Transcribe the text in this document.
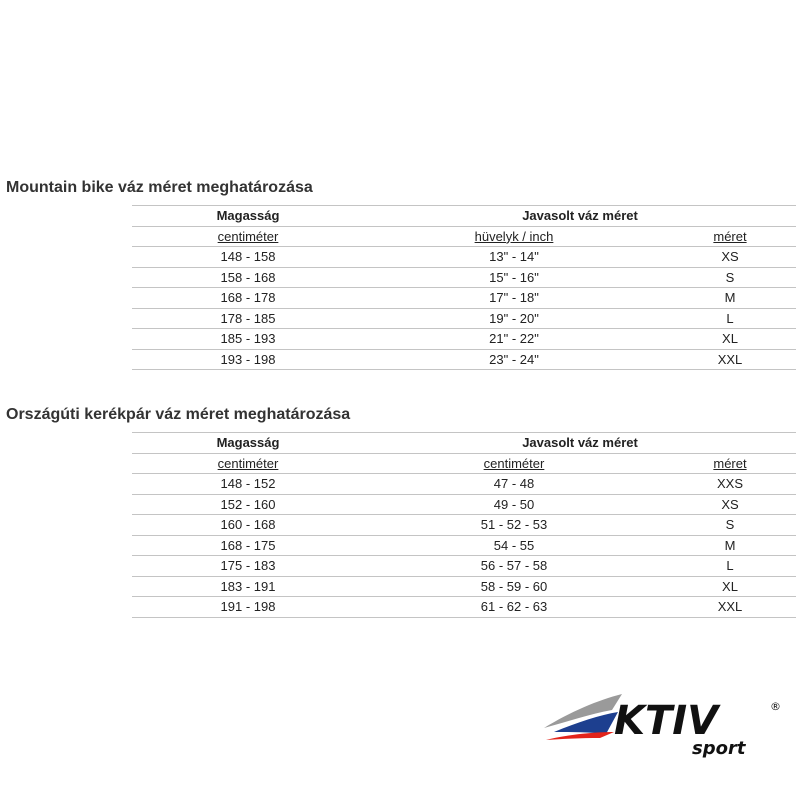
Mountain bike váz méret meghatározása
Magasság	Javasolt váz méret	
centiméter	hüvelyk / inch	méret
148 - 158	13" - 14"	XS
158 - 168	15" - 16"	S
168 - 178	17" - 18"	M
178 - 185	19" - 20"	L
185 - 193	21" - 22"	XL
193 - 198	23" - 24"	XXL
Országúti kerékpár váz méret meghatározása
Magasság	Javasolt váz méret	
centiméter	centiméter	méret
148 - 152	47 - 48	XXS
152 - 160	49 - 50	XS
160 - 168	51 - 52 - 53	S
168 - 175	54 - 55	M
175 - 183	56 - 57 - 58	L
183 - 191	58 - 59 - 60	XL
191 - 198	61 - 62 - 63	XXL
KTIV	®
sport
